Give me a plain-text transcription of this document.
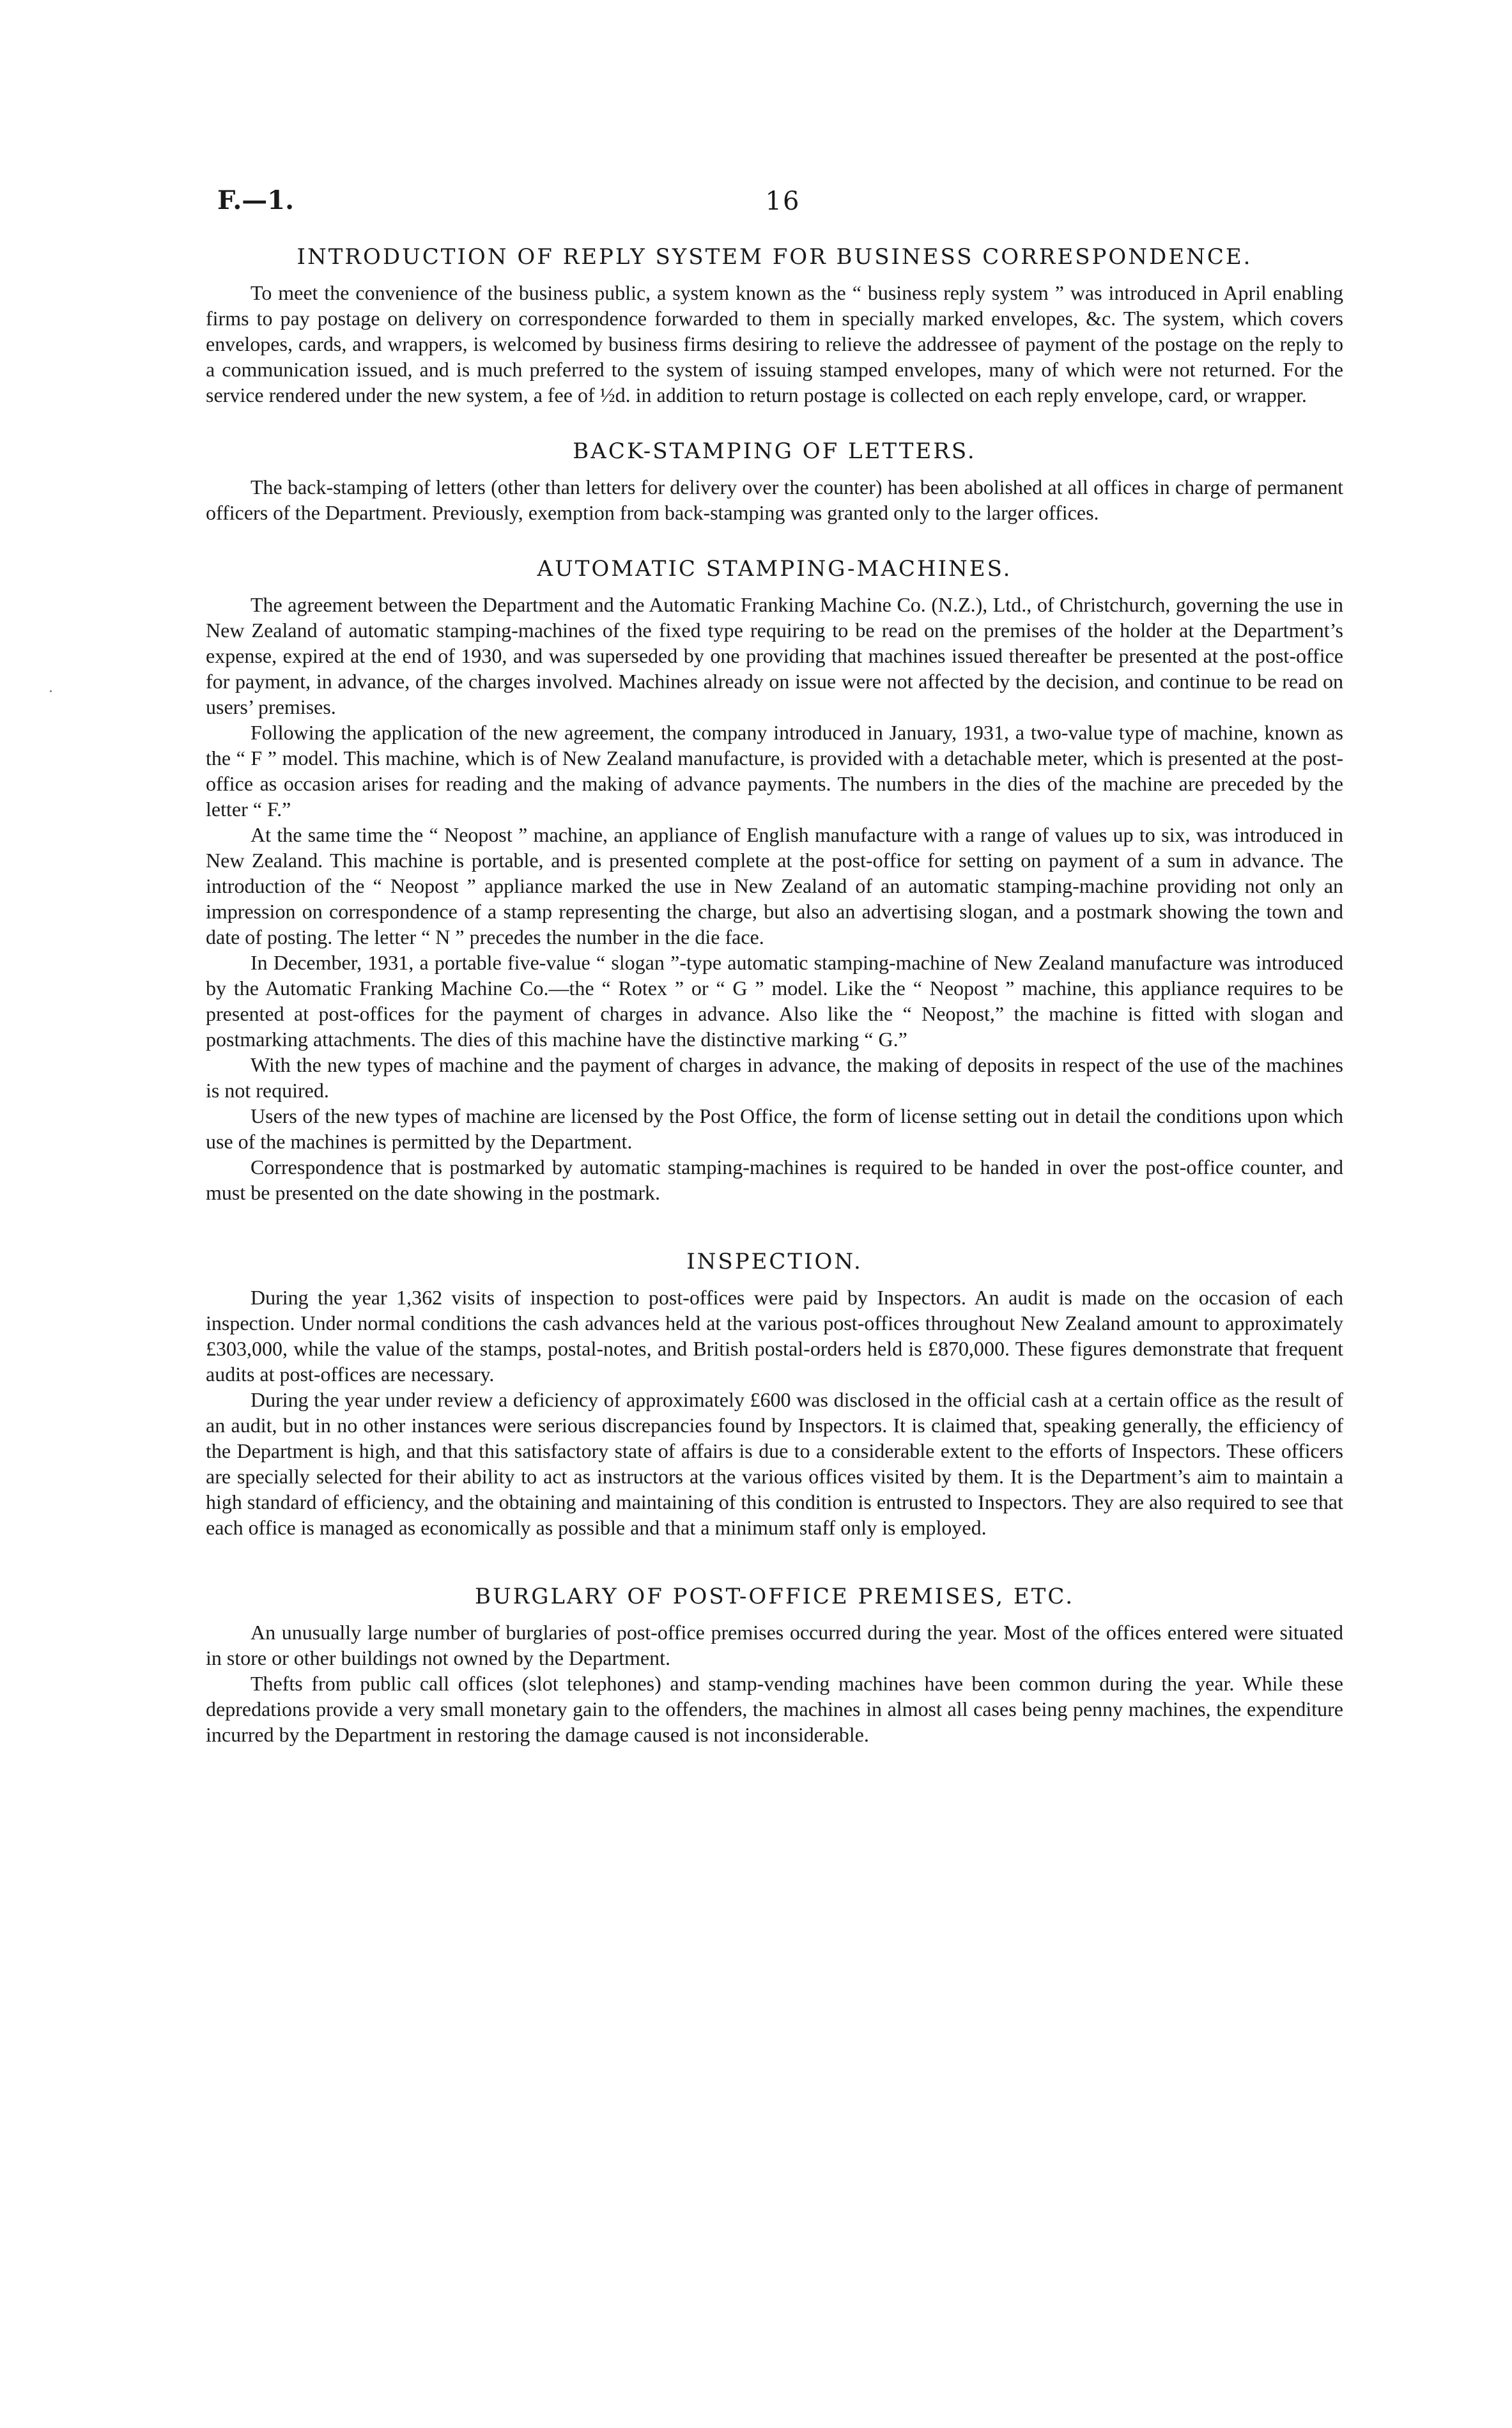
F.—1.	16
INTRODUCTION OF REPLY SYSTEM FOR BUSINESS CORRESPONDENCE.

To meet the convenience of the business public, a system known as the “ business reply system ” was introduced in April enabling firms to pay postage on delivery on correspondence forwarded to them in specially marked envelopes, &c. The system, which covers envelopes, cards, and wrappers, is welcomed by business firms desiring to relieve the addressee of payment of the postage on the reply to a communication issued, and is much preferred to the system of issuing stamped envelopes, many of which were not returned. For the service rendered under the new system, a fee of ½d. in addition to return postage is collected on each reply envelope, card, or wrapper.

BACK-STAMPING OF LETTERS.

The back-stamping of letters (other than letters for delivery over the counter) has been abolished at all offices in charge of permanent officers of the Department. Previously, exemption from back-stamping was granted only to the larger offices.

AUTOMATIC STAMPING-MACHINES.

The agreement between the Department and the Automatic Franking Machine Co. (N.Z.), Ltd., of Christchurch, governing the use in New Zealand of automatic stamping-machines of the fixed type requiring to be read on the premises of the holder at the Department’s expense, expired at the end of 1930, and was superseded by one providing that machines issued thereafter be presented at the post-office for payment, in advance, of the charges involved. Machines already on issue were not affected by the decision, and continue to be read on users’ premises.

Following the application of the new agreement, the company introduced in January, 1931, a two-value type of machine, known as the “ F ” model. This machine, which is of New Zealand manufacture, is provided with a detachable meter, which is presented at the post-office as occasion arises for reading and the making of advance payments. The numbers in the dies of the machine are preceded by the letter “ F.”

At the same time the “ Neopost ” machine, an appliance of English manufacture with a range of values up to six, was introduced in New Zealand. This machine is portable, and is presented complete at the post-office for setting on payment of a sum in advance. The introduction of the “ Neopost ” appliance marked the use in New Zealand of an automatic stamping-machine providing not only an impression on correspondence of a stamp representing the charge, but also an advertising slogan, and a postmark showing the town and date of posting. The letter “ N ” precedes the number in the die face.

In December, 1931, a portable five-value “ slogan ”-type automatic stamping-machine of New Zealand manufacture was introduced by the Automatic Franking Machine Co.—the “ Rotex ” or “ G ” model. Like the “ Neopost ” machine, this appliance requires to be presented at post-offices for the payment of charges in advance. Also like the “ Neopost,” the machine is fitted with slogan and postmarking attachments. The dies of this machine have the distinctive marking “ G.”

With the new types of machine and the payment of charges in advance, the making of deposits in respect of the use of the machines is not required.

Users of the new types of machine are licensed by the Post Office, the form of license setting out in detail the conditions upon which use of the machines is permitted by the Department.

Correspondence that is postmarked by automatic stamping-machines is required to be handed in over the post-office counter, and must be presented on the date showing in the postmark.

INSPECTION.

During the year 1,362 visits of inspection to post-offices were paid by Inspectors. An audit is made on the occasion of each inspection. Under normal conditions the cash advances held at the various post-offices throughout New Zealand amount to approximately £303,000, while the value of the stamps, postal-notes, and British postal-orders held is £870,000. These figures demonstrate that frequent audits at post-offices are necessary.

During the year under review a deficiency of approximately £600 was disclosed in the official cash at a certain office as the result of an audit, but in no other instances were serious discrepancies found by Inspectors. It is claimed that, speaking generally, the efficiency of the Department is high, and that this satisfactory state of affairs is due to a considerable extent to the efforts of Inspectors. These officers are specially selected for their ability to act as instructors at the various offices visited by them. It is the Department’s aim to maintain a high standard of efficiency, and the obtaining and maintaining of this condition is entrusted to Inspectors. They are also required to see that each office is managed as economically as possible and that a minimum staff only is employed.

BURGLARY OF POST-OFFICE PREMISES, ETC.

An unusually large number of burglaries of post-office premises occurred during the year. Most of the offices entered were situated in store or other buildings not owned by the Department.

Thefts from public call offices (slot telephones) and stamp-vending machines have been common during the year. While these depredations provide a very small monetary gain to the offenders, the machines in almost all cases being penny machines, the expenditure incurred by the Department in restoring the damage caused is not inconsiderable.
